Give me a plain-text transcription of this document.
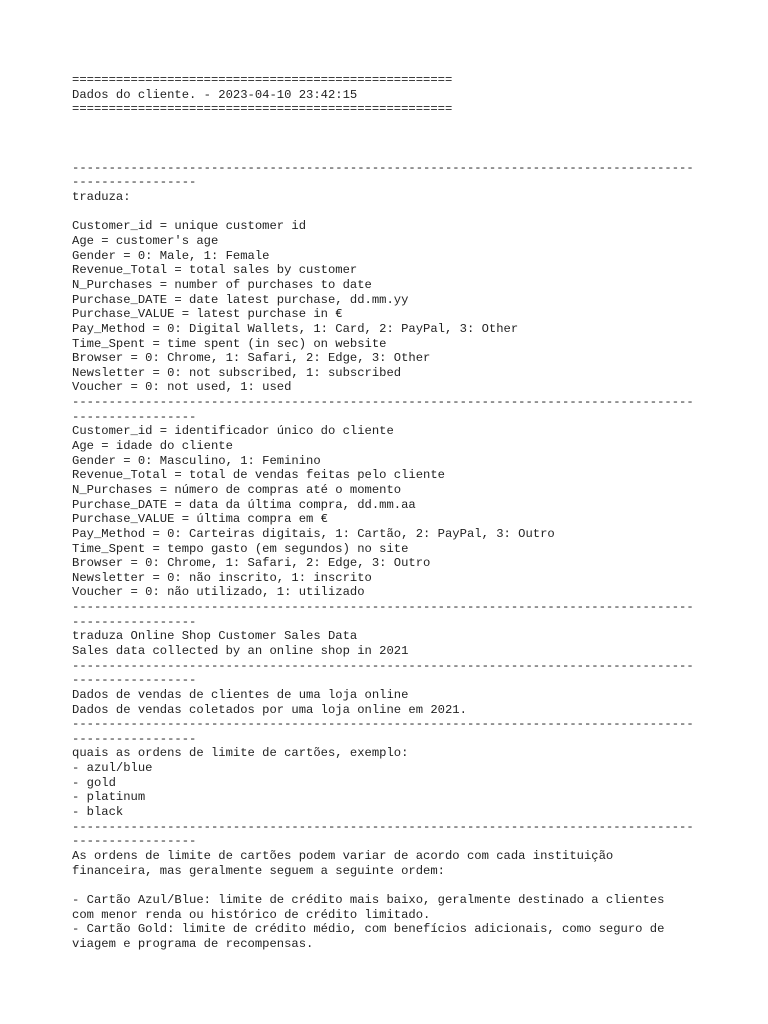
====================================================
Dados do cliente. - 2023-04-10 23:42:15
====================================================
-------------------------------------------------------------------------------------
-----------------
traduza:
Customer_id = unique customer id
Age = customer's age
Gender = 0: Male, 1: Female
Revenue_Total = total sales by customer
N_Purchases = number of purchases to date
Purchase_DATE = date latest purchase, dd.mm.yy
Purchase_VALUE = latest purchase in €
Pay_Method = 0: Digital Wallets, 1: Card, 2: PayPal, 3: Other
Time_Spent = time spent (in sec) on website
Browser = 0: Chrome, 1: Safari, 2: Edge, 3: Other
Newsletter = 0: not subscribed, 1: subscribed
Voucher = 0: not used, 1: used
-------------------------------------------------------------------------------------
-----------------
Customer_id = identificador único do cliente
Age = idade do cliente
Gender = 0: Masculino, 1: Feminino
Revenue_Total = total de vendas feitas pelo cliente
N_Purchases = número de compras até o momento
Purchase_DATE = data da última compra, dd.mm.aa
Purchase_VALUE = última compra em €
Pay_Method = 0: Carteiras digitais, 1: Cartão, 2: PayPal, 3: Outro
Time_Spent = tempo gasto (em segundos) no site
Browser = 0: Chrome, 1: Safari, 2: Edge, 3: Outro
Newsletter = 0: não inscrito, 1: inscrito
Voucher = 0: não utilizado, 1: utilizado
-------------------------------------------------------------------------------------
-----------------
traduza Online Shop Customer Sales Data
Sales data collected by an online shop in 2021
-------------------------------------------------------------------------------------
-----------------
Dados de vendas de clientes de uma loja online
Dados de vendas coletados por uma loja online em 2021.
-------------------------------------------------------------------------------------
-----------------
quais as ordens de limite de cartões, exemplo:
- azul/blue
- gold
- platinum
- black
-------------------------------------------------------------------------------------
-----------------
As ordens de limite de cartões podem variar de acordo com cada instituição
financeira, mas geralmente seguem a seguinte ordem:
- Cartão Azul/Blue: limite de crédito mais baixo, geralmente destinado a clientes
com menor renda ou histórico de crédito limitado.
- Cartão Gold: limite de crédito médio, com benefícios adicionais, como seguro de
viagem e programa de recompensas.
